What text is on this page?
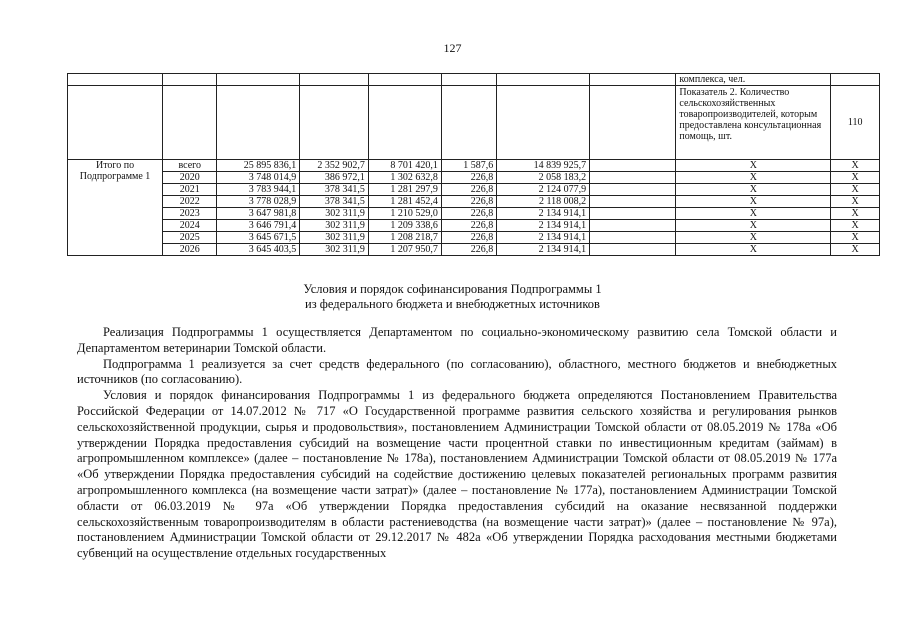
127
								комплекса, чел.	
								Показатель 2. Количество сельскохозяйственных товаропроизводителей, которым предоставлена консультационная помощь, шт.	110
Итого по Подпрограмме 1	всего	25 895 836,1	2 352 902,7	8 701 420,1	1 587,6	14 839 925,7		X	X
	2020	3 748 014,9	386 972,1	1 302 632,8	226,8	2 058 183,2		X	X
	2021	3 783 944,1	378 341,5	1 281 297,9	226,8	2 124 077,9		X	X
	2022	3 778 028,9	378 341,5	1 281 452,4	226,8	2 118 008,2		X	X
	2023	3 647 981,8	302 311,9	1 210 529,0	226,8	2 134 914,1		X	X
	2024	3 646 791,4	302 311,9	1 209 338,6	226,8	2 134 914,1		X	X
	2025	3 645 671,5	302 311,9	1 208 218,7	226,8	2 134 914,1		X	X
	2026	3 645 403,5	302 311,9	1 207 950,7	226,8	2 134 914,1		X	X
Условия и порядок софинансирования Подпрограммы 1
из федерального бюджета и внебюджетных источников

Реализация Подпрограммы 1 осуществляется Департаментом по социально-экономическому развитию села Томской области и Департаментом ветеринарии Томской области.

Подпрограмма 1 реализуется за счет средств федерального (по согласованию), областного, местного бюджетов и внебюджетных источников (по согласованию).

Условия и порядок финансирования Подпрограммы 1 из федерального бюджета определяются Постановлением Правительства Российской Федерации от 14.07.2012 № 717 «О Государственной программе развития сельского хозяйства и регулирования рынков сельскохозяйственной продукции, сырья и продовольствия», постановлением Администрации Томской области от 08.05.2019 № 178а «Об утверждении Порядка предоставления субсидий на возмещение части процентной ставки по инвестиционным кредитам (займам) в агропромышленном комплексе» (далее – постановление № 178а), постановлением Администрации Томской области от 08.05.2019 № 177а «Об утверждении Порядка предоставления субсидий на содействие достижению целевых показателей региональных программ развития агропромышленного комплекса (на возмещение части затрат)» (далее – постановление № 177а), постановлением Администрации Томской области от 06.03.2019 № 97а «Об утверждении Порядка предоставления субсидий на оказание несвязанной поддержки сельскохозяйственным товаропроизводителям в области растениеводства (на возмещение части затрат)» (далее – постановление № 97а), постановлением Администрации Томской области от 29.12.2017 № 482а «Об утверждении Порядка расходования местными бюджетами субвенций на осуществление отдельных государственных
